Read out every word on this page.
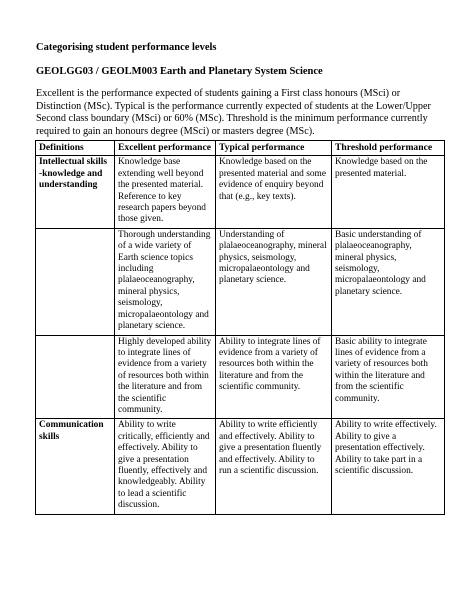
Categorising student performance levels
GEOLGG03 / GEOLM003 Earth and Planetary System Science
Excellent is the performance expected of students gaining a First class honours (MSci) or Distinction (MSc). Typical is the performance currently expected of students at the Lower/Upper Second class boundary (MSci) or 60% (MSc). Threshold is the minimum performance currently required to gain an honours degree (MSci) or masters degree (MSc).
Definitions	Excellent performance	Typical performance	Threshold performance
Intellectual skills -knowledge and understanding	Knowledge base extending well beyond the presented material. Reference to key research papers beyond those given.	Knowledge based on the presented material and some evidence of enquiry beyond that (e.g., key texts).	Knowledge based on the presented material.
	Thorough understanding of a wide variety of Earth science topics including plalaeoceanography, mineral physics, seismology, micropalaeontology and planetary science.	Understanding of plalaeoceanography, mineral physics, seismology, micropalaeontology and planetary science.	Basic understanding of plalaeoceanography, mineral physics, seismology, micropalaeontology and planetary science.
	Highly developed ability to integrate lines of evidence from a variety of resources both within the literature and from the scientific community.	Ability to integrate lines of evidence from a variety of resources both within the literature and from the scientific community.	Basic ability to integrate lines of evidence from a variety of resources both within the literature and from the scientific community.
Communication skills	Ability to write critically, efficiently and effectively. Ability to give a presentation fluently, effectively and knowledgeably. Ability to lead a scientific discussion.	Ability to write efficiently and effectively. Ability to give a presentation fluently and effectively. Ability to run a scientific discussion.	Ability to write effectively. Ability to give a presentation effectively. Ability to take part in a scientific discussion.
